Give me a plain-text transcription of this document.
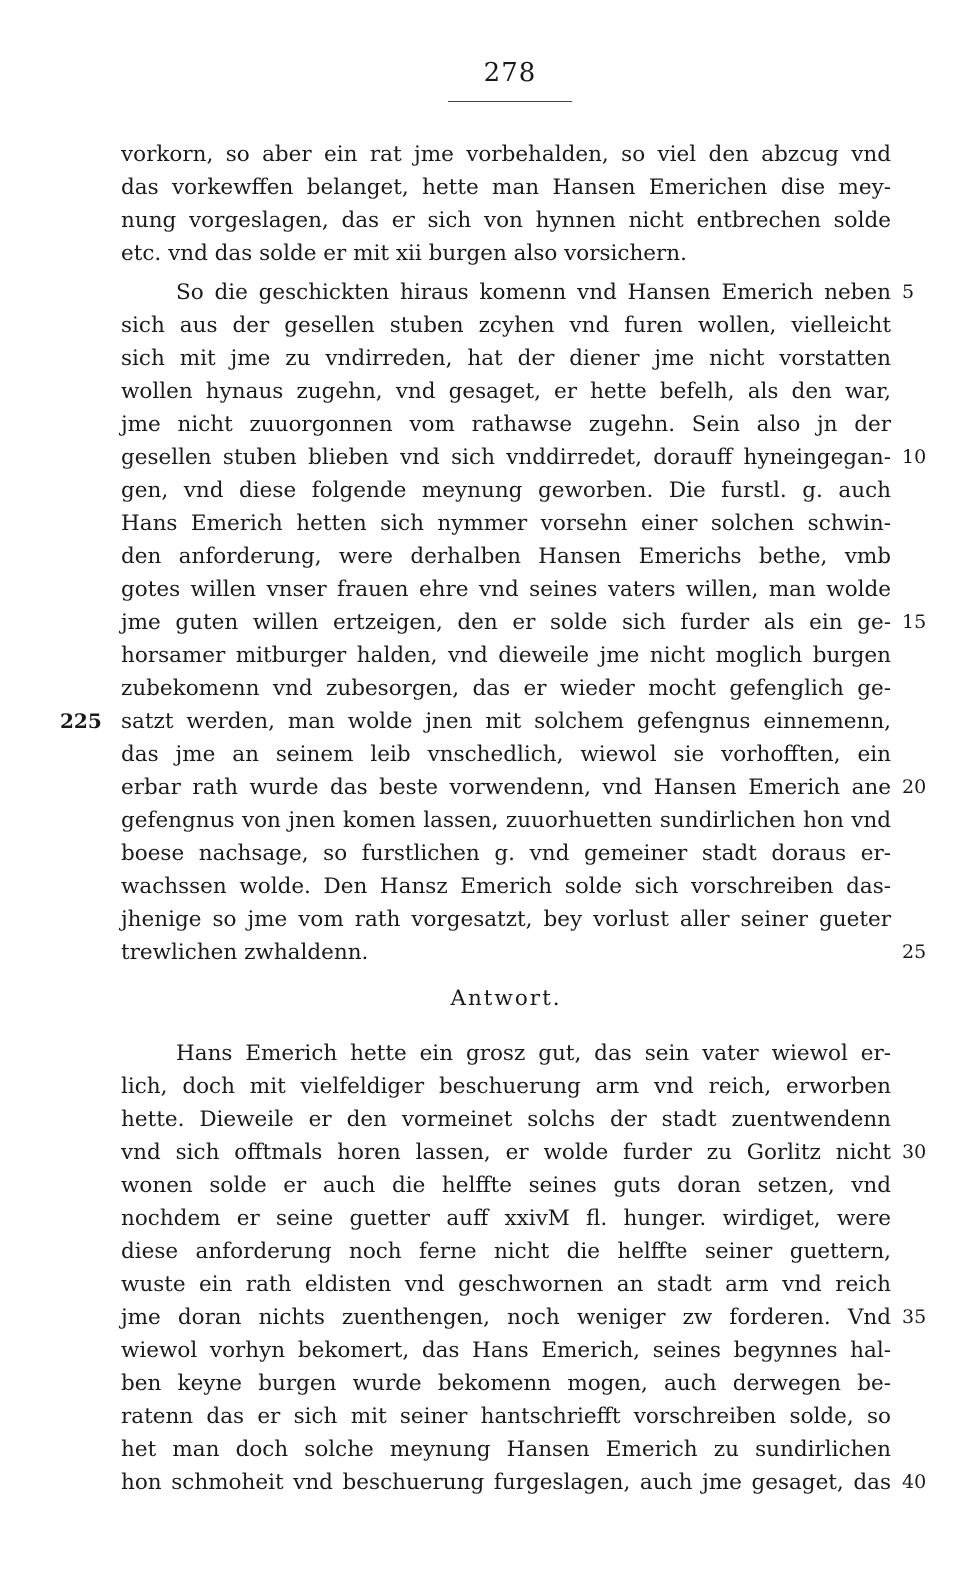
278
vorkorn, so aber ein rat jme vorbehalden, so viel den abzcug vnd
das vorkewffen belanget, hette man Hansen Emerichen dise mey-
nung vorgeslagen, das er sich von hynnen nicht entbrechen solde
etc. vnd das solde er mit xii burgen also vorsichern.
So die geschickten hiraus komenn vnd Hansen Emerich neben
sich aus der gesellen stuben zcyhen vnd furen wollen, vielleicht
sich mit jme zu vndirreden, hat der diener jme nicht vorstatten
wollen hynaus zugehn, vnd gesaget, er hette befelh, als den war,
jme nicht zuuorgonnen vom rathawse zugehn. Sein also jn der
gesellen stuben blieben vnd sich vnddirredet, dorauff hyneingegan-
gen, vnd diese folgende meynung geworben. Die furstl. g. auch
Hans Emerich hetten sich nymmer vorsehn einer solchen schwin-
den anforderung, were derhalben Hansen Emerichs bethe, vmb
gotes willen vnser frauen ehre vnd seines vaters willen, man wolde
jme guten willen ertzeigen, den er solde sich furder als ein ge-
horsamer mitburger halden, vnd dieweile jme nicht moglich burgen
zubekomenn vnd zubesorgen, das er wieder mocht gefenglich ge-
satzt werden, man wolde jnen mit solchem gefengnus einnemenn,
das jme an seinem leib vnschedlich, wiewol sie vorhofften, ein
erbar rath wurde das beste vorwendenn, vnd Hansen Emerich ane
gefengnus von jnen komen lassen, zuuorhuetten sundirlichen hon vnd
boese nachsage, so furstlichen g. vnd gemeiner stadt doraus er-
wachssen wolde. Den Hansz Emerich solde sich vorschreiben das-
jhenige so jme vom rath vorgesatzt, bey vorlust aller seiner gueter
trewlichen zwhaldenn.
Hans Emerich hette ein grosz gut, das sein vater wiewol er-
lich, doch mit vielfeldiger beschuerung arm vnd reich, erworben
hette. Dieweile er den vormeinet solchs der stadt zuentwendenn
vnd sich offtmals horen lassen, er wolde furder zu Gorlitz nicht
wonen solde er auch die helffte seines guts doran setzen, vnd
nochdem er seine guetter auff xxivM fl. hunger. wirdiget, were
diese anforderung noch ferne nicht die helffte seiner guettern,
wuste ein rath eldisten vnd geschwornen an stadt arm vnd reich
jme doran nichts zuenthengen, noch weniger zw forderen. Vnd
wiewol vorhyn bekomert, das Hans Emerich, seines begynnes hal-
ben keyne burgen wurde bekomenn mogen, auch derwegen be-
ratenn das er sich mit seiner hantschriefft vorschreiben solde, so
het man doch solche meynung Hansen Emerich zu sundirlichen
hon schmoheit vnd beschuerung furgeslagen, auch jme gesaget, das
Antwort.
5
10
15
20
25
30
35
40
225
